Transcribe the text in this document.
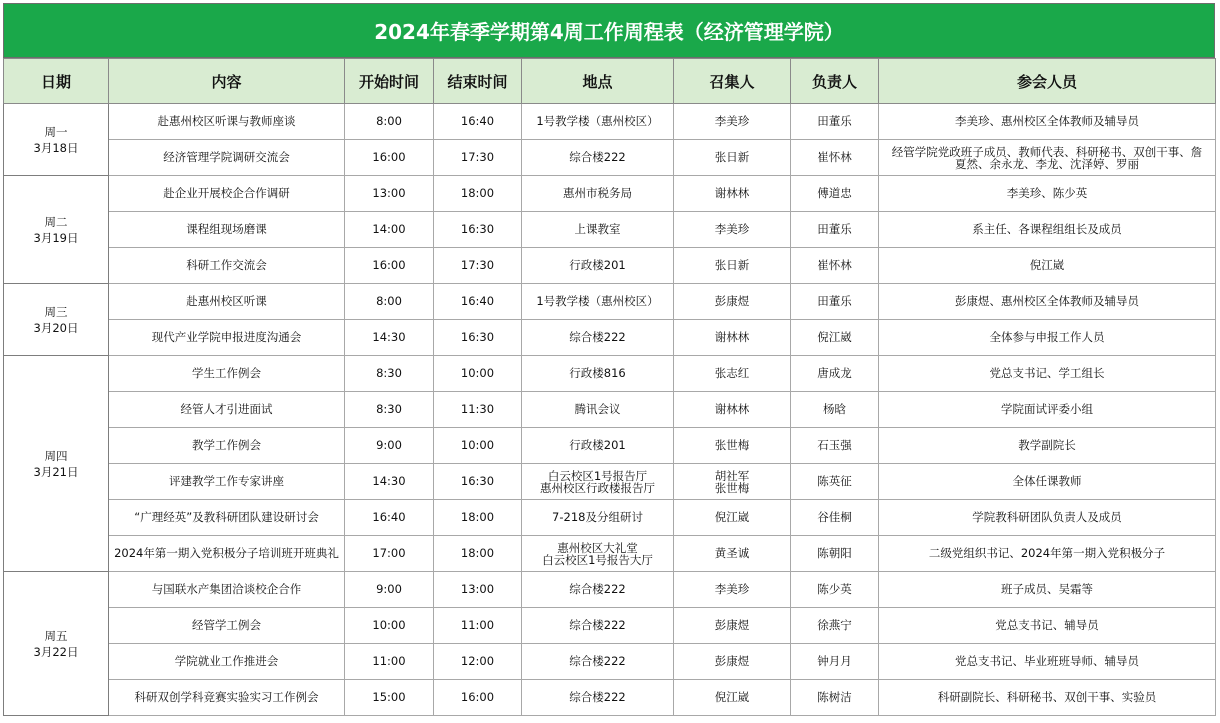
2024年春季学期第4周工作周程表（经济管理学院）
日期	内容	开始时间	结束时间	地点	召集人	负责人	参会人员

周一
3月18日	赴惠州校区听课与教师座谈	8:00	16:40	1号教学楼（惠州校区）	李美珍	田董乐	李美珍、惠州校区全体教师及辅导员

	经济管理学院调研交流会	16:00	17:30	综合楼222	张日新	崔怀林	经管学院党政班子成员、教师代表、科研秘书、双创干事、詹
夏然、余永龙、李龙、沈泽婷、罗丽

周二
3月19日	赴企业开展校企合作调研	13:00	18:00	惠州市税务局	谢林林	傅道忠	李美珍、陈少英

	课程组现场磨课	14:00	16:30	上课教室	李美珍	田董乐	系主任、各课程组组长及成员

	科研工作交流会	16:00	17:30	行政楼201	张日新	崔怀林	倪江崴

周三
3月20日	赴惠州校区听课	8:00	16:40	1号教学楼（惠州校区）	彭康煜	田董乐	彭康煜、惠州校区全体教师及辅导员

	现代产业学院申报进度沟通会	14:30	16:30	综合楼222	谢林林	倪江崴	全体参与申报工作人员

周四
3月21日	学生工作例会	8:30	10:00	行政楼816	张志红	唐成龙	党总支书记、学工组长

	经管人才引进面试	8:30	11:30	腾讯会议	谢林林	杨晗	学院面试评委小组

	教学工作例会	9:00	10:00	行政楼201	张世梅	石玉强	教学副院长

	评建教学工作专家讲座	14:30	16:30	白云校区1号报告厅
惠州校区行政楼报告厅	胡社军
张世梅	陈英征	全体任课教师

	“广理经英”及教科研团队建设研讨会	16:40	18:00	7-218及分组研讨	倪江崴	谷佳桐	学院教科研团队负责人及成员

	2024年第一期入党积极分子培训班开班典礼	17:00	18:00	惠州校区大礼堂
白云校区1号报告大厅	黄圣诚	陈朝阳	二级党组织书记、2024年第一期入党积极分子

周五
3月22日	与国联水产集团洽谈校企合作	9:00	13:00	综合楼222	李美珍	陈少英	班子成员、吴霜等

	经管学工例会	10:00	11:00	综合楼222	彭康煜	徐燕宁	党总支书记、辅导员

	学院就业工作推进会	11:00	12:00	综合楼222	彭康煜	钟月月	党总支书记、毕业班班导师、辅导员

	科研双创学科竞赛实验实习工作例会	15:00	16:00	综合楼222	倪江崴	陈树洁	科研副院长、科研秘书、双创干事、实验员
